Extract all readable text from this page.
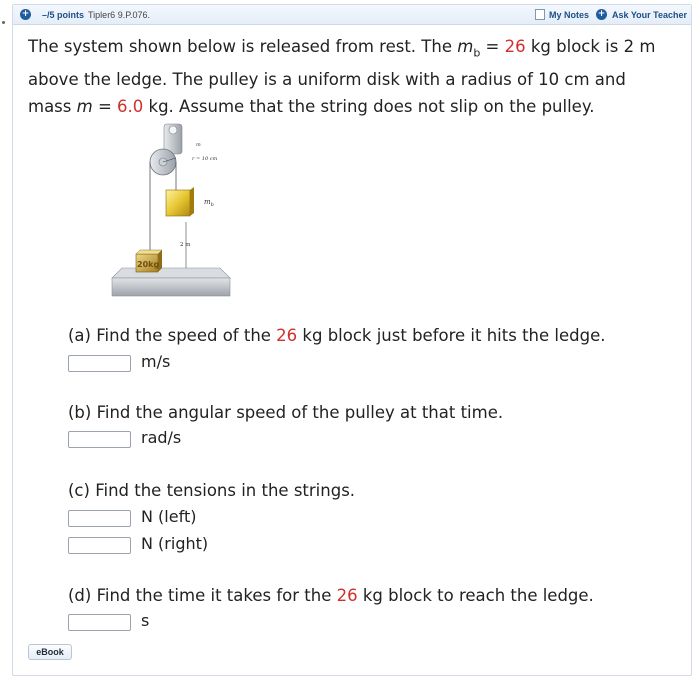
+ –/5 points Tipler6 9.P.076.	My Notes + Ask Your Teacher
The system shown below is released from rest. The $m_b = 26$ kg block is 2 m
above the ledge. The pulley is a uniform disk with a radius of 10 cm and
mass m = 6.0 kg. Assume that the string does not slip on the pulley.
m
r = 10 cm
$m_b$
2 m
20kg
(a) Find the speed of the 26 kg block just before it hits the ledge.
m/s
(b) Find the angular speed of the pulley at that time.
rad/s
(c) Find the tensions in the strings.
N (left)
N (right)
(d) Find the time it takes for the 26 kg block to reach the ledge.
s
eBook
